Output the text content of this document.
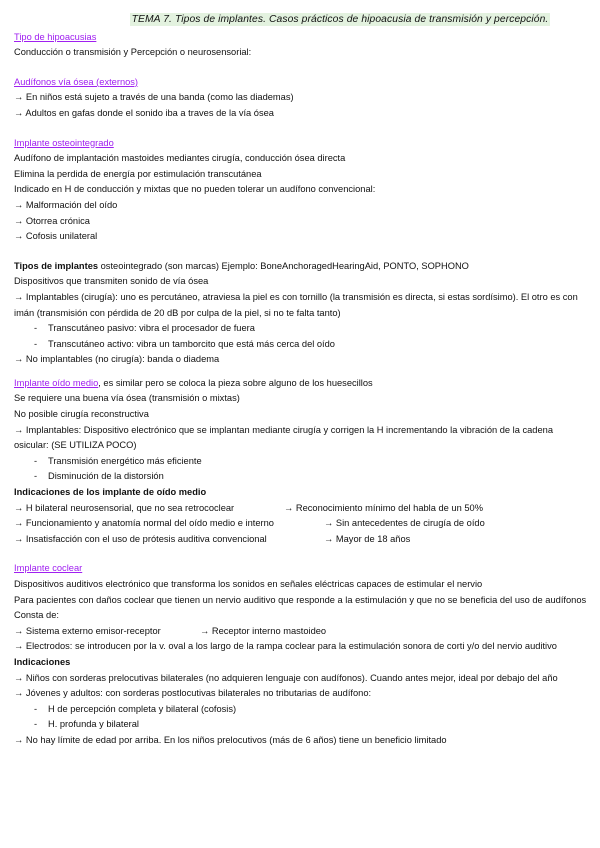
TEMA 7. Tipos de implantes. Casos prácticos de hipoacusia de transmisión y percepción.
Tipo de hipoacusias
Conducción o transmisión y Percepción o neurosensorial:
Audífonos vía ósea (externos)
→ En niños está sujeto a través de una banda (como las diademas)
→ Adultos en gafas donde el sonido iba a traves de la vía ósea
Implante osteointegrado
Audífono de implantación mastoides mediantes cirugía, conducción ósea directa
Elimina la perdida de energía por estimulación transcutánea
Indicado en H de conducción y mixtas que no pueden tolerar un audífono convencional:
→ Malformación del oído
→ Otorrea crónica
→ Cofosis unilateral
Tipos de implantes osteointegrado (son marcas) Ejemplo: BoneAnchoragedHearingAid, PONTO, SOPHONO
Dispositivos que transmiten sonido de vía ósea
→ Implantables (cirugía): uno es percutáneo, atraviesa la piel es con tornillo (la transmisión es directa, si estas sordísimo). El otro es con imán (transmisión con pérdida de 20 dB por culpa de la piel, si no te falta tanto)
- Transcutáneo pasivo: vibra el procesador de fuera
- Transcutáneo activo: vibra un tamborcito que está más cerca del oído
→ No implantables (no cirugía): banda o diadema
Implante oído medio, es similar pero se coloca la pieza sobre alguno de los huesecillos
Se requiere una buena vía ósea (transmisión o mixtas)
No posible cirugía reconstructiva
→ Implantables: Dispositivo electrónico que se implantan mediante cirugía y corrigen la H incrementando la vibración de la cadena osicular: (SE UTILIZA POCO)
- Transmisión energético más eficiente
- Disminución de la distorsión
Indicaciones de los implante de oído medio
→ H bilateral neurosensorial, que no sea retrococlear	→ Reconocimiento mínimo del habla de un 50%
→ Funcionamiento y anatomía normal del oído medio e interno	→ Sin antecedentes de cirugía de oído
→ Insatisfacción con el uso de prótesis auditiva convencional	→ Mayor de 18 años
Implante coclear
Dispositivos auditivos electrónico que transforma los sonidos en señales eléctricas capaces de estimular el nervio
Para pacientes con daños coclear que tienen un nervio auditivo que responde a la estimulación y que no se beneficia del uso de audífonos
Consta de:
→ Sistema externo emisor-receptor	→ Receptor interno mastoideo
→ Electrodos: se introducen por la v. oval a los largo de la rampa coclear para la estimulación sonora de corti y/o del nervio auditivo
Indicaciones
→ Niños con sorderas prelocutivas bilaterales (no adquieren lenguaje con audífonos). Cuando antes mejor, ideal por debajo del año
→ Jóvenes y adultos: con sorderas postlocutivas bilaterales no tributarias de audífono:
- H de percepción completa y bilateral (cofosis)
- H. profunda y bilateral
→ No hay límite de edad por arriba. En los niños prelocutivos (más de 6 años) tiene un beneficio limitado
